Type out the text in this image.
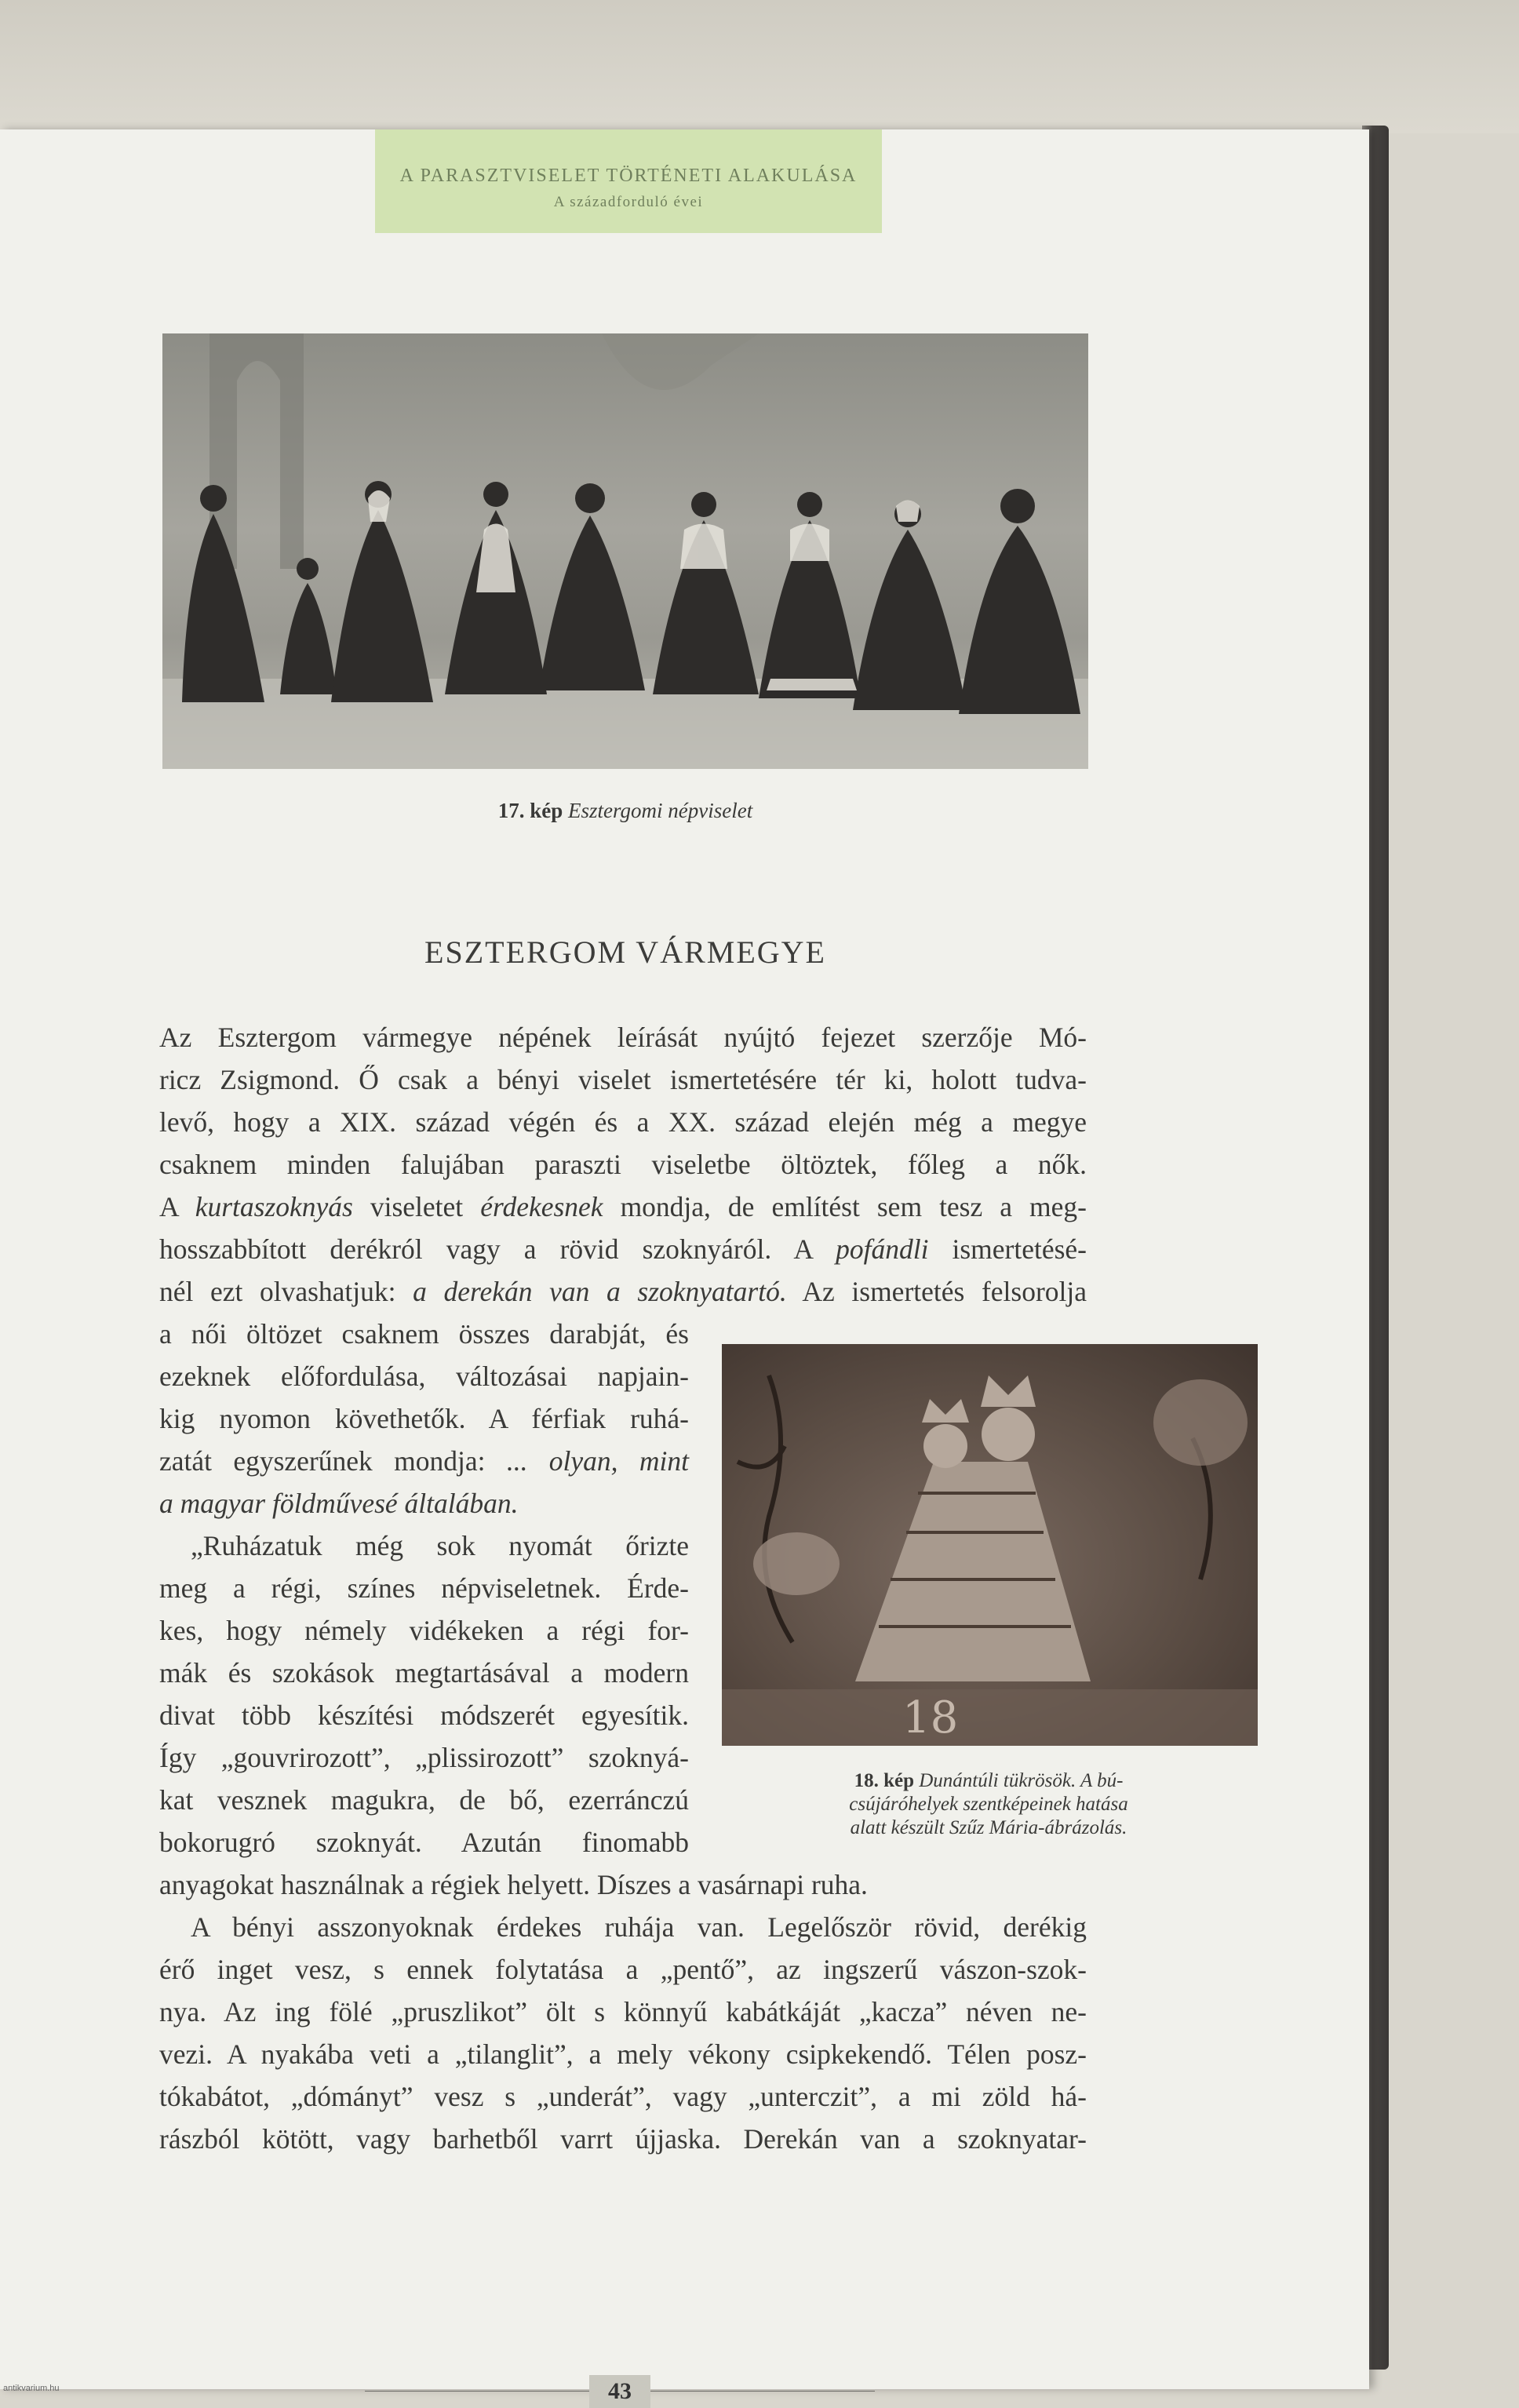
A PARASZTVISELET TÖRTÉNETI ALAKULÁSA
A századforduló évei
17. kép Esztergomi népviselet
ESZTERGOM VÁRMEGYE
Az Esztergom vármegye népének leírását nyújtó fejezet szerzője Mó-
ricz Zsigmond. Ő csak a bényi viselet ismertetésére tér ki, holott tudva-
levő, hogy a XIX. század végén és a XX. század elején még a megye
csaknem minden falujában paraszti viseletbe öltöztek, főleg a nők.
A kurtaszoknyás viseletet érdekesnek mondja, de említést sem tesz a meg-
hosszabbított derékról vagy a rövid szoknyáról. A pofándli ismertetésé-
nél ezt olvashatjuk: a derekán van a szoknyatartó. Az ismertetés felsorolja
a női öltözet csaknem összes darabját, és
ezeknek előfordulása, változásai napjain-
kig nyomon követhetők. A férfiak ruhá-
zatát egyszerűnek mondja: ... olyan, mint
a magyar földművesé általában.
„Ruházatuk még sok nyomát őrizte
meg a régi, színes népviseletnek. Érde-
kes, hogy némely vidékeken a régi for-
mák és szokások megtartásával a modern
divat több készítési módszerét egyesítik.
Így „gouvrirozott”, „plissirozott” szoknyá-
kat vesznek magukra, de bő, ezerránczú
bokorugró szoknyát. Azután finomabb
anyagokat használnak a régiek helyett. Díszes a vasárnapi ruha.
A bényi asszonyoknak érdekes ruhája van. Legelőször rövid, derékig
érő inget vesz, s ennek folytatása a „pentő”, az ingszerű vászon-szok-
nya. Az ing fölé „pruszlikot” ölt s könnyű kabátkáját „kacza” néven ne-
vezi. A nyakába veti a „tilanglit”, a mely vékony csipkekendő. Télen posz-
tókabátot, „dómányt” vesz s „underát”, vagy „unterczit”, a mi zöld há-
rászból kötött, vagy barhetből varrt újjaska. Derekán van a szoknyatar-
18
18. kép Dunántúli tükrösök. A bú-
csújáróhelyek szentképeinek hatása
alatt készült Szűz Mária-ábrázolás.
43
antikvarium.hu
